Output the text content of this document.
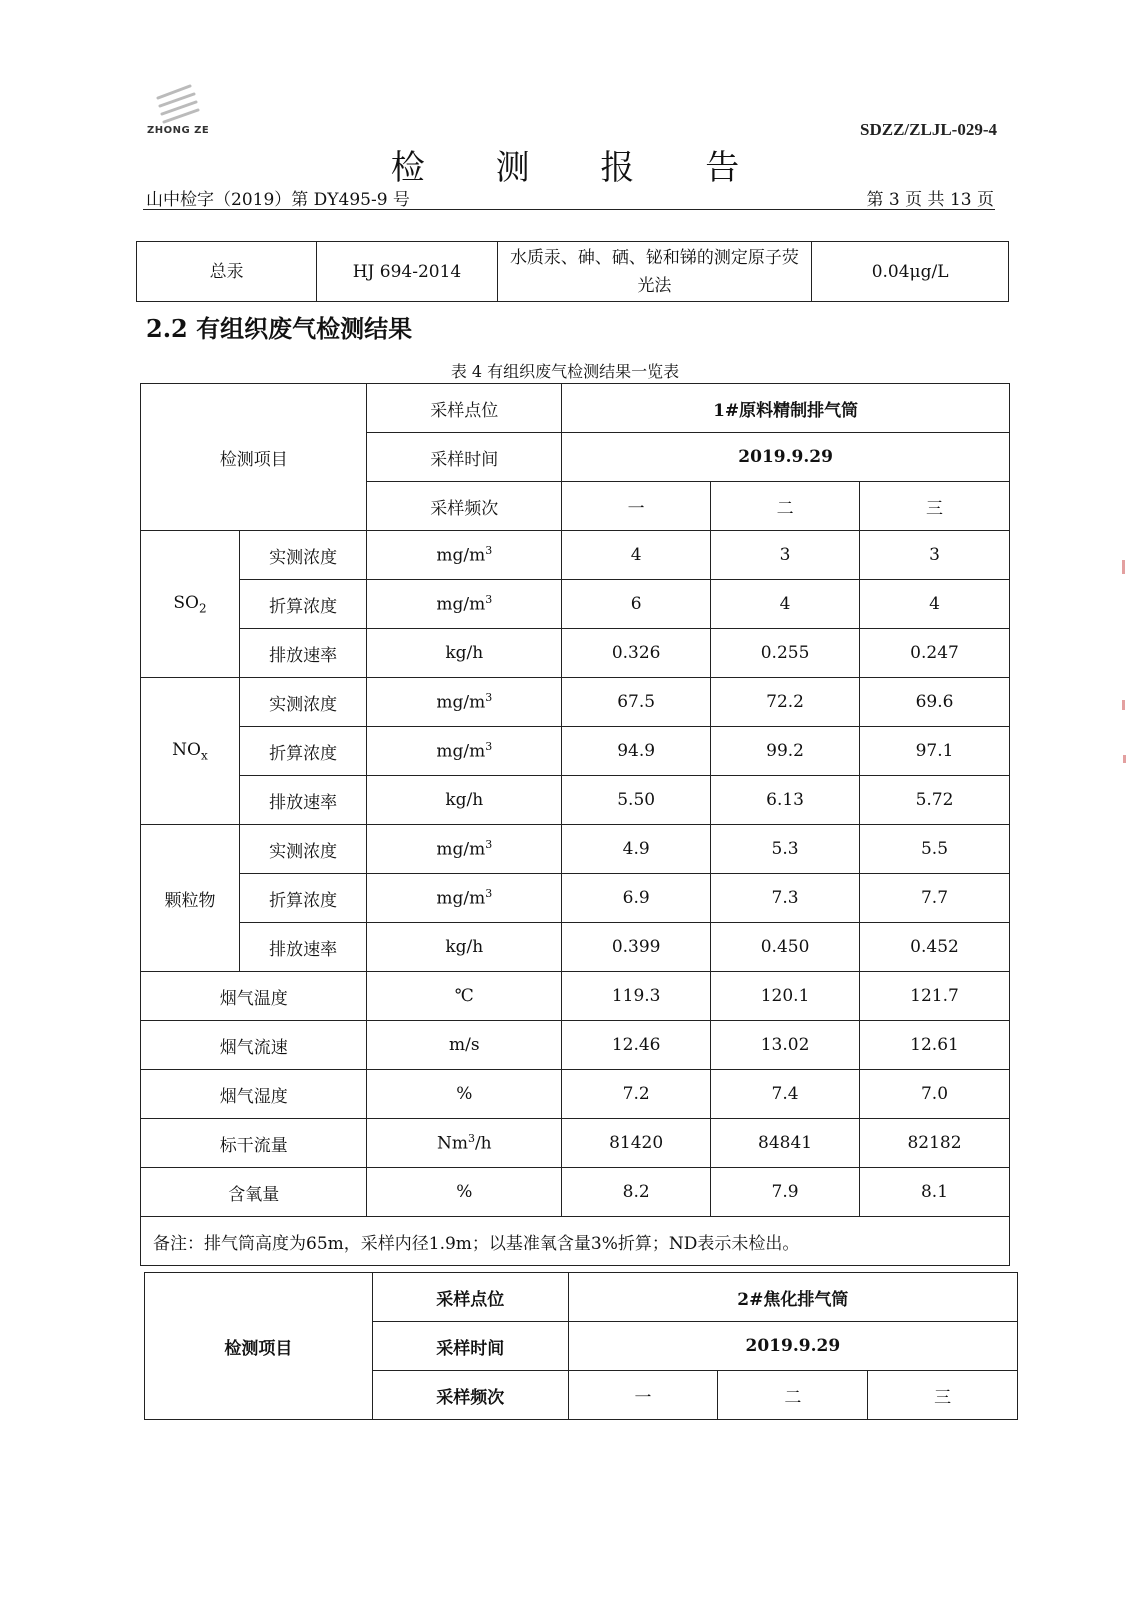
ZHONG ZE	SDZZ/ZLJL-029-4
检 测 报 告
山中检字（2019）第 DY495-9 号	第 3 页 共 13 页
总汞	HJ 694-2014	水质汞、砷、硒、铋和锑的测定原子荧光法	0.04μg/L
2.2 有组织废气检测结果
表 4 有组织废气检测结果一览表
检测项目		采样点位	1#原料精制排气筒		
		采样时间	2019.9.29		
		采样频次	一	二	三
$SO_2$	实测浓度	$mg/m^3$	4	3	3
	折算浓度	$mg/m^3$	6	4	4
	排放速率	kg/h	0.326	0.255	0.247
$NO_x$	实测浓度	$mg/m^3$	67.5	72.2	69.6
	折算浓度	$mg/m^3$	94.9	99.2	97.1
	排放速率	kg/h	5.50	6.13	5.72
颗粒物	实测浓度	$mg/m^3$	4.9	5.3	5.5
	折算浓度	$mg/m^3$	6.9	7.3	7.7
	排放速率	kg/h	0.399	0.450	0.452
烟气温度		℃	119.3	120.1	121.7
烟气流速		m/s	12.46	13.02	12.61
烟气湿度		%	7.2	7.4	7.0
标干流量		Nm$^3$/h	81420	84841	82182
含氧量		%	8.2	7.9	8.1
备注：排气筒高度为65m，采样内径1.9m；以基准氧含量3%折算；ND表示未检出。					
检测项目	采样点位	2#焦化排气筒		
	采样时间	2019.9.29		
	采样频次	一	二	三
